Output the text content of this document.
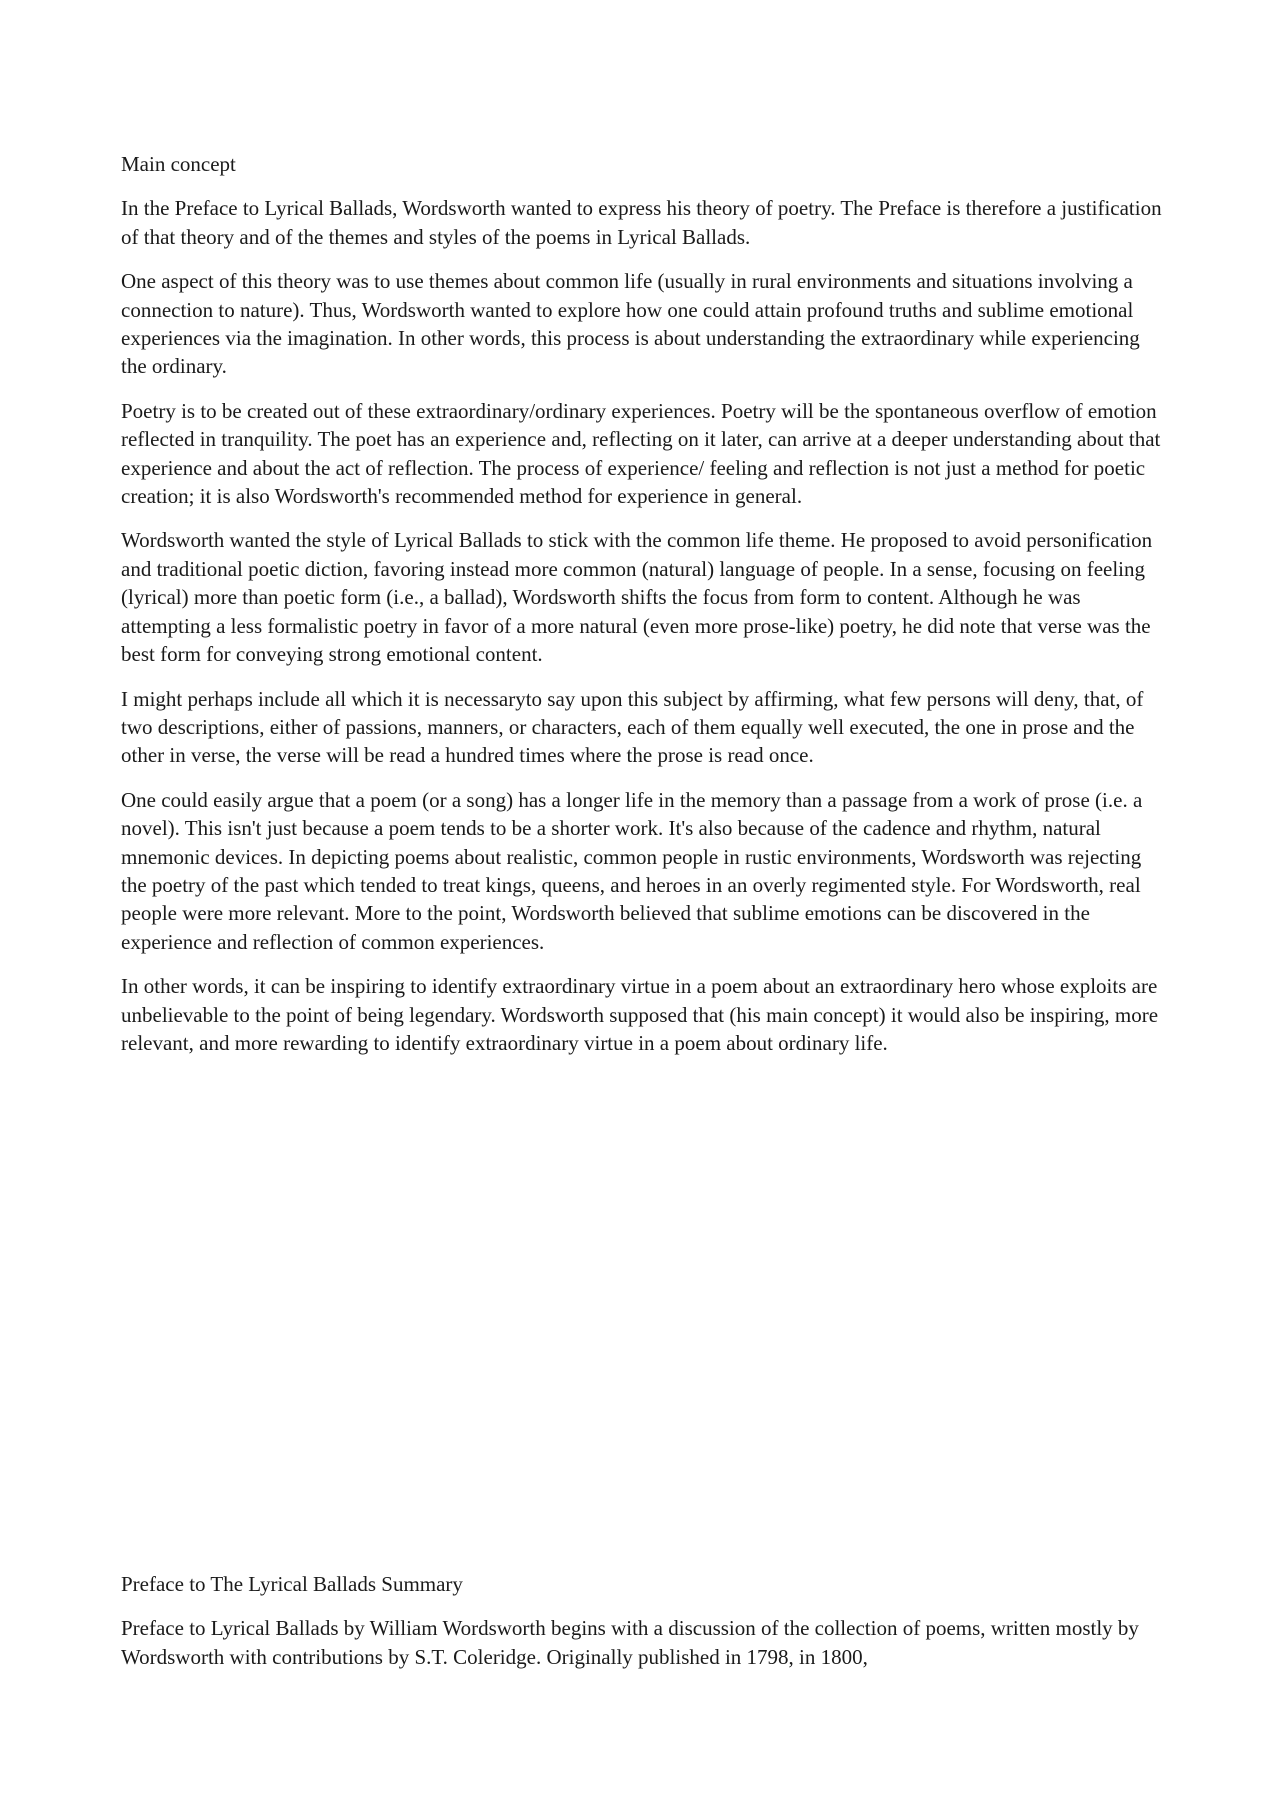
Main concept

In the Preface to Lyrical Ballads, Wordsworth wanted to express his theory of poetry. The Preface is therefore a justification of that theory and of the themes and styles of the poems in Lyrical Ballads.

One aspect of this theory was to use themes about common life (usually in rural environments and situations involving a connection to nature). Thus, Wordsworth wanted to explore how one could attain profound truths and sublime emotional experiences via the imagination. In other words, this process is about understanding the extraordinary while experiencing the ordinary.

Poetry is to be created out of these extraordinary/ordinary experiences. Poetry will be the spontaneous overflow of emotion reflected in tranquility. The poet has an experience and, reflecting on it later, can arrive at a deeper understanding about that experience and about the act of reflection. The process of experience/ feeling and reflection is not just a method for poetic creation; it is also Wordsworth's recommended method for experience in general.

Wordsworth wanted the style of Lyrical Ballads to stick with the common life theme. He proposed to avoid personification and traditional poetic diction, favoring instead more common (natural) language of people. In a sense, focusing on feeling (lyrical) more than poetic form (i.e., a ballad), Wordsworth shifts the focus from form to content. Although he was attempting a less formalistic poetry in favor of a more natural (even more prose-like) poetry, he did note that verse was the best form for conveying strong emotional content.

I might perhaps include all which it is necessaryto say upon this subject by affirming, what few persons will deny, that, of two descriptions, either of passions, manners, or characters, each of them equally well executed, the one in prose and the other in verse, the verse will be read a hundred times where the prose is read once.

One could easily argue that a poem (or a song) has a longer life in the memory than a passage from a work of prose (i.e. a novel). This isn't just because a poem tends to be a shorter work. It's also because of the cadence and rhythm, natural mnemonic devices. In depicting poems about realistic, common people in rustic environments, Wordsworth was rejecting the poetry of the past which tended to treat kings, queens, and heroes in an overly regimented style. For Wordsworth, real people were more relevant. More to the point, Wordsworth believed that sublime emotions can be discovered in the experience and reflection of common experiences.

In other words, it can be inspiring to identify extraordinary virtue in a poem about an extraordinary hero whose exploits are unbelievable to the point of being legendary. Wordsworth supposed that (his main concept) it would also be inspiring, more relevant, and more rewarding to identify extraordinary virtue in a poem about ordinary life.

Preface to The Lyrical Ballads Summary

Preface to Lyrical Ballads by William Wordsworth begins with a discussion of the collection of poems, written mostly by Wordsworth with contributions by S.T. Coleridge. Originally published in 1798, in 1800,
